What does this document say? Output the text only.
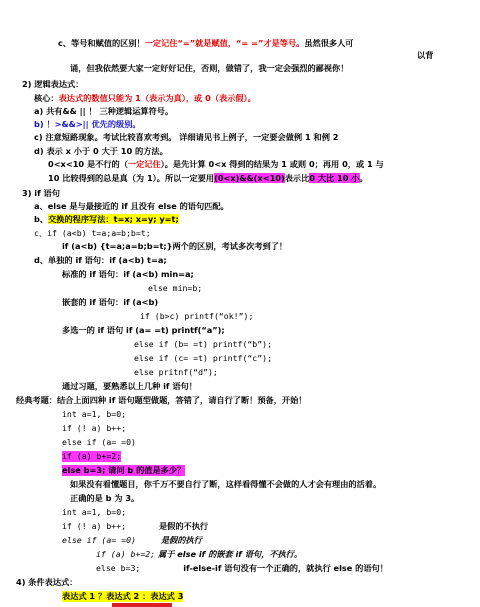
c、等号和赋值的区别！一定记住“=”就是赋值，“= =”才是等号。虽然很多人可
以背
诵，但我依然要大家一定好好记住，否则，做错了，我一定会强烈的鄙视你！
2) 逻辑表达式：
核心：表达式的数值只能为 1（表示为真），或 0（表示假）。
a) 共有&& || ！ 三种逻辑运算符号。
b) ！>&&>|| 优先的级别。
c) 注意短路现象。考试比较喜欢考到。 详细请见书上例子，一定要会做例 1 和例 2
d) 表示 x 小于 0 大于 10 的方法。
0<x<10 是不行的（一定记住）。是先计算 0<x 得到的结果为 1 或则 0；再用 0，或 1 与
10 比较得到的总是真（为 1）。所以一定要用(0<x)&&(x<10)表示比0 大比 10 小。
3) if 语句
a、else 是与最接近的 if 且没有 else 的语句匹配。
b、交换的程序写法：t=x; x=y; y=t;
c、if (a<b) t=a;a=b;b=t;
if (a<b) {t=a;a=b;b=t;}两个的区别，考试多次考到了！
d、单独的 if 语句：if (a<b) t=a;
标准的 if 语句：if (a<b) min=a;
else min=b;
嵌套的 if 语句：if (a<b)
if (b>c) printf(“ok!”);
多选一的 if 语句 if (a= =t) printf(“a”);
else if (b= =t) printf(“b”);
else if (c= =t) printf(“c”);
else pritnf(“d”);
通过习题，要熟悉以上几种 if 语句！
经典考题：结合上面四种 if 语句题型做题，答错了，请自行了断！预备，开始！
int a=1, b=0;
if (! a) b++;
else if (a= =0)
if (a) b+=2;
else b=3; 请问 b 的值是多少？
如果没有看懂题目，你千万不要自行了断，这样看得懂不会做的人才会有理由的活着。
正确的是 b 为 3。
int a=1, b=0;
if (! a) b++;	是假的不执行
else if (a= =0)	是假的执行
if (a) b+=2; 属于 else if 的嵌套 if 语句，不执行。
else b=3;	if-else-if 语句没有一个正确的，就执行 else 的语句！
4) 条件表达式：
表达式 1 ？表达式 2 ：表达式 3
